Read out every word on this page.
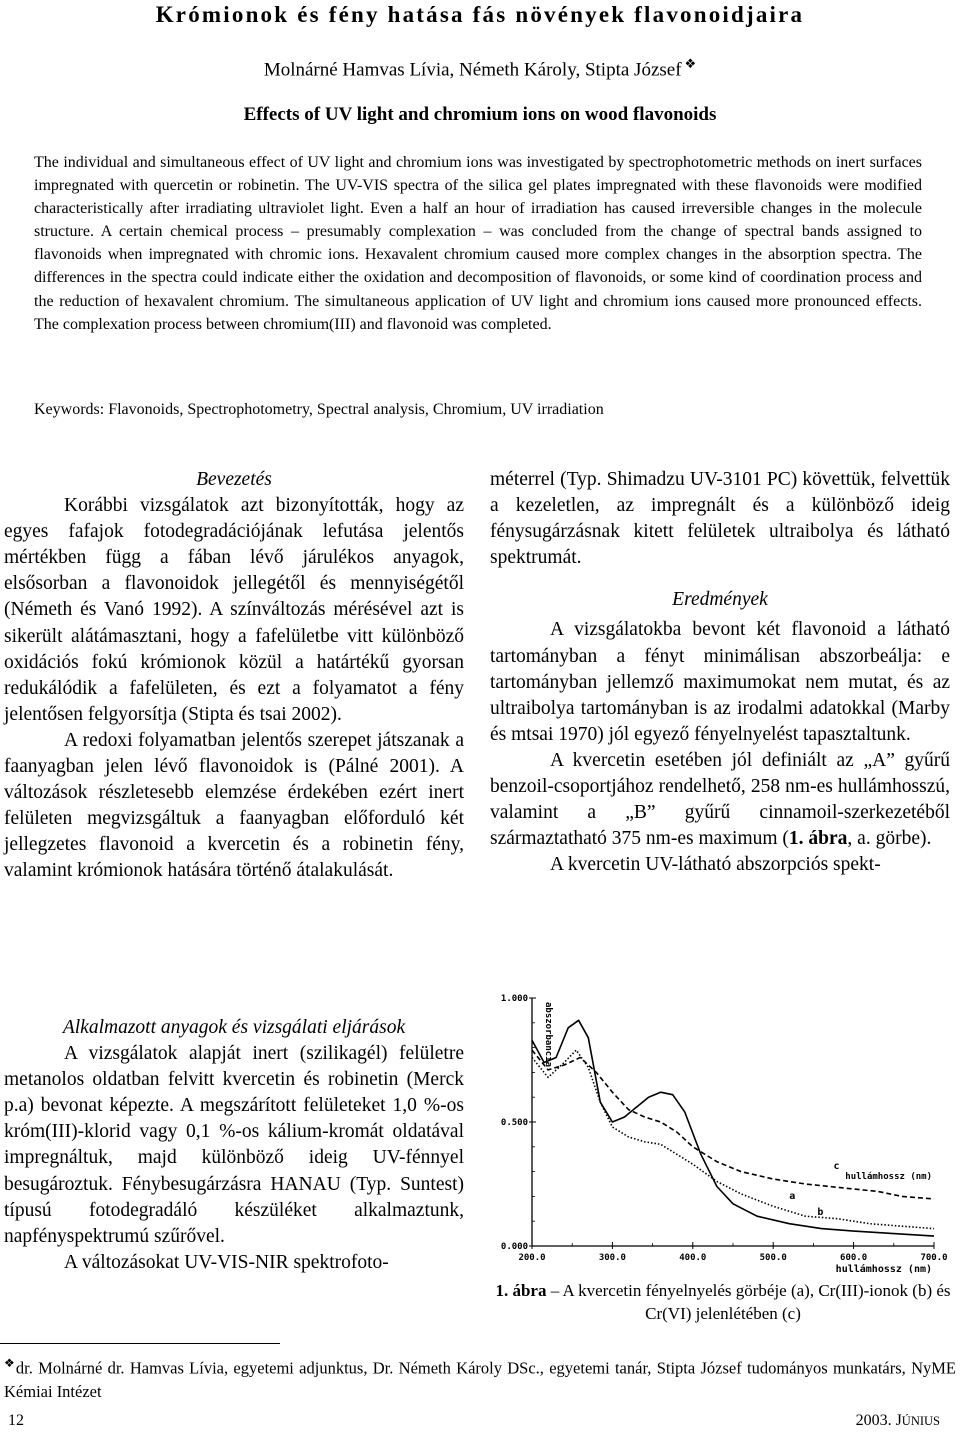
Krómionok és fény hatása fás növények flavonoidjaira
Molnárné Hamvas Lívia, Németh Károly, Stipta József ❖
Effects of UV light and chromium ions on wood flavonoids
The individual and simultaneous effect of UV light and chromium ions was investigated by spectrophotometric methods on inert surfaces impregnated with quercetin or robinetin. The UV-VIS spectra of the silica gel plates impregnated with these flavonoids were modified characteristically after irradiating ultraviolet light. Even a half an hour of irradiation has caused irreversible changes in the molecule structure. A certain chemical process – presumably complexation – was concluded from the change of spectral bands assigned to flavonoids when impregnated with chromic ions. Hexavalent chromium caused more complex changes in the absorption spectra. The differences in the spectra could indicate either the oxidation and decomposition of flavonoids, or some kind of coordination process and the reduction of hexavalent chromium. The simultaneous application of UV light and chromium ions caused more pronounced effects. The complexation process between chromium(III) and flavonoid was completed.
Keywords: Flavonoids, Spectrophotometry, Spectral analysis, Chromium, UV irradiation

Bevezetés

Korábbi vizsgálatok azt bizonyították, hogy az egyes fafajok fotodegradációjának lefutása jelentős mértékben függ a fában lévő járulékos anyagok, elsősorban a flavonoidok jellegétől és mennyiségétől (Németh és Vanó 1992). A színváltozás mérésével azt is sikerült alátámasztani, hogy a fafelületbe vitt különböző oxidációs fokú krómionok közül a határtékű gyorsan redukálódik a fafelületen, és ezt a folyamatot a fény jelentősen felgyorsítja (Stipta és tsai 2002).

A redoxi folyamatban jelentős szerepet játszanak a faanyagban jelen lévő flavonoidok is (Pálné 2001). A változások részletesebb elemzése érdekében ezért inert felületen megvizsgáltuk a faanyagban előforduló két jellegzetes flavonoid a kvercetin és a robinetin fény, valamint krómionok hatására történő átalakulását.

Alkalmazott anyagok és vizsgálati eljárások

A vizsgálatok alapját inert (szilikagél) felületre metanolos oldatban felvitt kvercetin és robinetin (Merck p.a) bevonat képezte. A megszárított felületeket 1,0 %-os króm(III)-klorid vagy 0,1 %-os kálium-kromát oldatával impregnáltuk, majd különböző ideig UV-fénnyel besugároztuk. Fénybesugárzásra HANAU (Typ. Suntest) típusú fotodegradáló készüléket alkalmaztunk, napfényspektrumú szűrővel.

A változásokat UV-VIS-NIR spektrofoto-

méterrel (Typ. Shimadzu UV-3101 PC) követtük, felvettük a kezeletlen, az impregnált és a különböző ideig fénysugárzásnak kitett felületek ultraibolya és látható spektrumát.

Eredmények

A vizsgálatokba bevont két flavonoid a látható tartományban a fényt minimálisan abszorbeálja: e tartományban jellemző maximumokat nem mutat, és az ultraibolya tartományban is az irodalmi adatokkal (Marby és mtsai 1970) jól egyező fényelnyelést tapasztaltunk.

A kvercetin esetében jól definiált az „A” gyűrű benzoil-csoportjához rendelhető, 258 nm-es hullámhosszú, valamint a „B” gyűrű cinnamoil-szerkezetéből származtatható 375 nm-es maximum (1. ábra, a. görbe).

A kvercetin UV-látható abszorpciós spekt-

0.000
0.500
1.000
200.0	300.0	400.0	500.0	600.0	700.0
abszorbancia
hullámhossz (nm)
hullámhossz (nm)
a
b
c
1. ábra – A kvercetin fényelnyelés görbéje (a), Cr(III)-ionok (b) és Cr(VI) jelenlétében (c)
❖dr. Molnárné dr. Hamvas Lívia, egyetemi adjunktus, Dr. Németh Károly DSc., egyetemi tanár, Stipta József tudományos munkatárs, NyME Kémiai Intézet
12	2003. JÚNIUS
